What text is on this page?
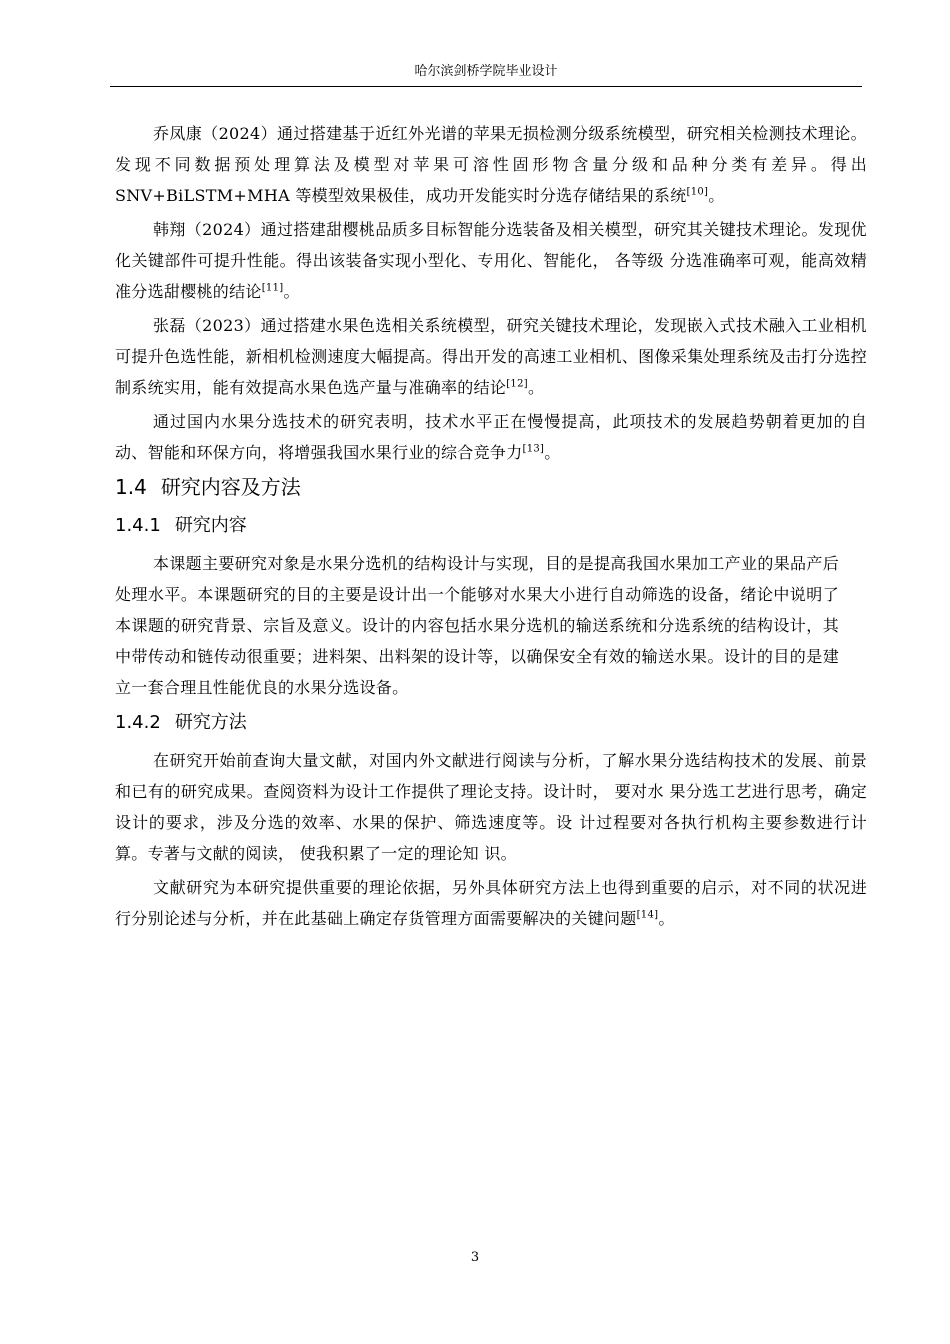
哈尔滨剑桥学院毕业设计

乔凤康（2024）通过搭建基于近红外光谱的苹果无损检测分级系统模型，研究相关检测技术理论。发现不同数据预处理算法及模型对苹果可溶性固形物含量分级和品种分类有差异。得出 SNV+BiLSTM+MHA 等模型效果极佳，成功开发能实时分选存储结果的系统[10]。

韩翔（2024）通过搭建甜樱桃品质多目标智能分选装备及相关模型，研究其关键技术理论。发现优化关键部件可提升性能。得出该装备实现小型化、专用化、智能化， 各等级 分选准确率可观，能高效精准分选甜樱桃的结论[11]。

张磊（2023）通过搭建水果色选相关系统模型，研究关键技术理论，发现嵌入式技术融入工业相机可提升色选性能，新相机检测速度大幅提高。得出开发的高速工业相机、图像采集处理系统及击打分选控制系统实用，能有效提高水果色选产量与准确率的结论[12]。

通过国内水果分选技术的研究表明，技术水平正在慢慢提高，此项技术的发展趋势朝着更加的自动、智能和环保方向，将增强我国水果行业的综合竞争力[13]。

1.4 研究内容及方法
1.4.1 研究内容

本课题主要研究对象是水果分选机的结构设计与实现，目的是提高我国水果加工产业的果品产后处理水平。本课题研究的目的主要是设计出一个能够对水果大小进行自动筛选的设备，绪论中说明了本课题的研究背景、宗旨及意义。设计的内容包括水果分选机的输送系统和分选系统的结构设计，其中带传动和链传动很重要；进料架、出料架的设计等，以确保安全有效的输送水果。设计的目的是建立一套合理且性能优良的水果分选设备。

1.4.2 研究方法

在研究开始前查询大量文献，对国内外文献进行阅读与分析，了解水果分选结构技术的发展、前景和已有的研究成果。查阅资料为设计工作提供了理论支持。设计时， 要对水 果分选工艺进行思考，确定设计的要求，涉及分选的效率、水果的保护、筛选速度等。设 计过程要对各执行机构主要参数进行计算。专著与文献的阅读， 使我积累了一定的理论知 识。

文献研究为本研究提供重要的理论依据，另外具体研究方法上也得到重要的启示，对不同的状况进行分别论述与分析，并在此基础上确定存货管理方面需要解决的关键问题[14]。

3
